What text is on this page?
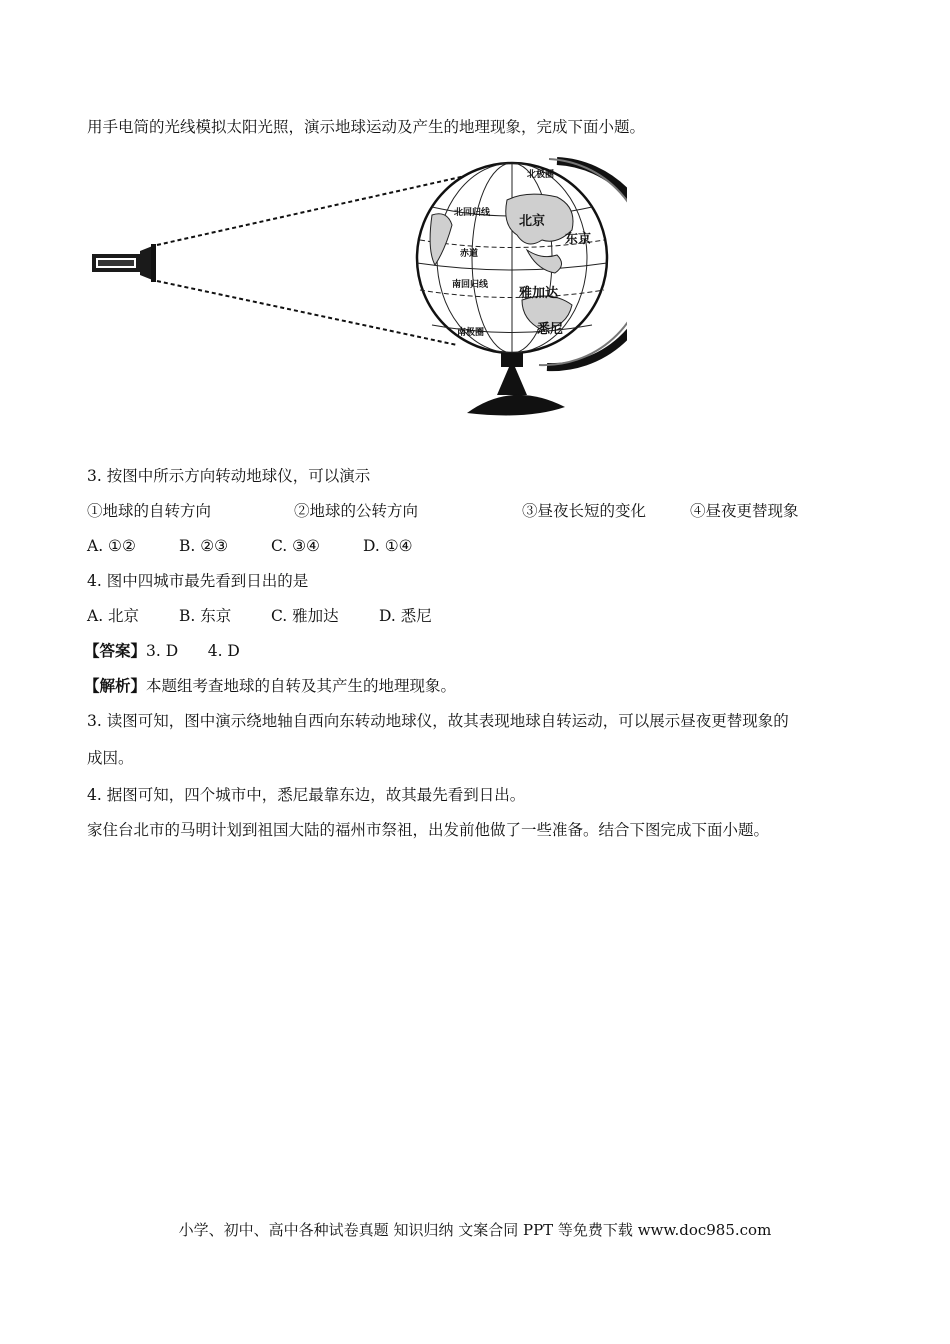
用手电筒的光线模拟太阳光照，演示地球运动及产生的地理现象，完成下面小题。
北极圈
北回归线
赤道
南回归线
南极圈
北京
东京
雅加达
悉尼
3. 按图中所示方向转动地球仪，可以演示
①地球的自转方向	②地球的公转方向	③昼夜长短的变化	④昼夜更替现象
A. ①②	B. ②③	C. ③④	D. ①④
4. 图中四城市最先看到日出的是
A. 北京	B. 东京	C. 雅加达	D. 悉尼
【答案】3. D      4. D
【解析】本题组考查地球的自转及其产生的地理现象。
3. 读图可知，图中演示绕地轴自西向东转动地球仪，故其表现地球自转运动，可以展示昼夜更替现象的
成因。
4. 据图可知，四个城市中，悉尼最靠东边，故其最先看到日出。
家住台北市的马明计划到祖国大陆的福州市祭祖，出发前他做了一些准备。结合下图完成下面小题。
小学、初中、高中各种试卷真题 知识归纳 文案合同 PPT 等免费下载 www.doc985.com
